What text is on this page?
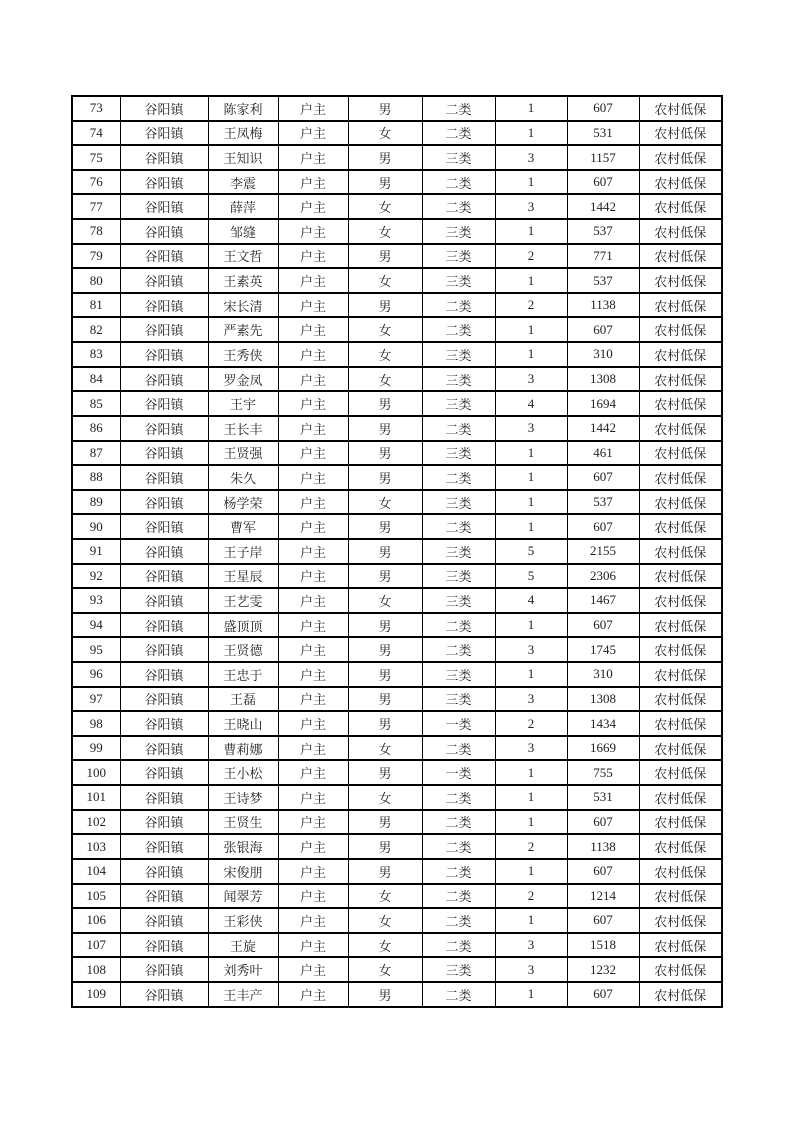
73	谷阳镇	陈家利	户主	男	二类	1	607	农村低保
74	谷阳镇	王凤梅	户主	女	二类	1	531	农村低保
75	谷阳镇	王知识	户主	男	三类	3	1157	农村低保
76	谷阳镇	李震	户主	男	二类	1	607	农村低保
77	谷阳镇	薛萍	户主	女	二类	3	1442	农村低保
78	谷阳镇	邹缝	户主	女	三类	1	537	农村低保
79	谷阳镇	王文哲	户主	男	三类	2	771	农村低保
80	谷阳镇	王素英	户主	女	三类	1	537	农村低保
81	谷阳镇	宋长清	户主	男	二类	2	1138	农村低保
82	谷阳镇	严素先	户主	女	二类	1	607	农村低保
83	谷阳镇	王秀侠	户主	女	三类	1	310	农村低保
84	谷阳镇	罗金凤	户主	女	三类	3	1308	农村低保
85	谷阳镇	王宇	户主	男	三类	4	1694	农村低保
86	谷阳镇	王长丰	户主	男	二类	3	1442	农村低保
87	谷阳镇	王贤强	户主	男	三类	1	461	农村低保
88	谷阳镇	朱久	户主	男	二类	1	607	农村低保
89	谷阳镇	杨学荣	户主	女	三类	1	537	农村低保
90	谷阳镇	曹军	户主	男	二类	1	607	农村低保
91	谷阳镇	王子岸	户主	男	三类	5	2155	农村低保
92	谷阳镇	王星辰	户主	男	三类	5	2306	农村低保
93	谷阳镇	王艺雯	户主	女	三类	4	1467	农村低保
94	谷阳镇	盛顶顶	户主	男	二类	1	607	农村低保
95	谷阳镇	王贤德	户主	男	二类	3	1745	农村低保
96	谷阳镇	王忠于	户主	男	三类	1	310	农村低保
97	谷阳镇	王磊	户主	男	三类	3	1308	农村低保
98	谷阳镇	王晓山	户主	男	一类	2	1434	农村低保
99	谷阳镇	曹莉娜	户主	女	二类	3	1669	农村低保
100	谷阳镇	王小松	户主	男	一类	1	755	农村低保
101	谷阳镇	王诗梦	户主	女	二类	1	531	农村低保
102	谷阳镇	王贤生	户主	男	二类	1	607	农村低保
103	谷阳镇	张银海	户主	男	二类	2	1138	农村低保
104	谷阳镇	宋俊朋	户主	男	二类	1	607	农村低保
105	谷阳镇	闻翠芳	户主	女	二类	2	1214	农村低保
106	谷阳镇	王彩侠	户主	女	二类	1	607	农村低保
107	谷阳镇	王旋	户主	女	二类	3	1518	农村低保
108	谷阳镇	刘秀叶	户主	女	三类	3	1232	农村低保
109	谷阳镇	王丰产	户主	男	二类	1	607	农村低保
